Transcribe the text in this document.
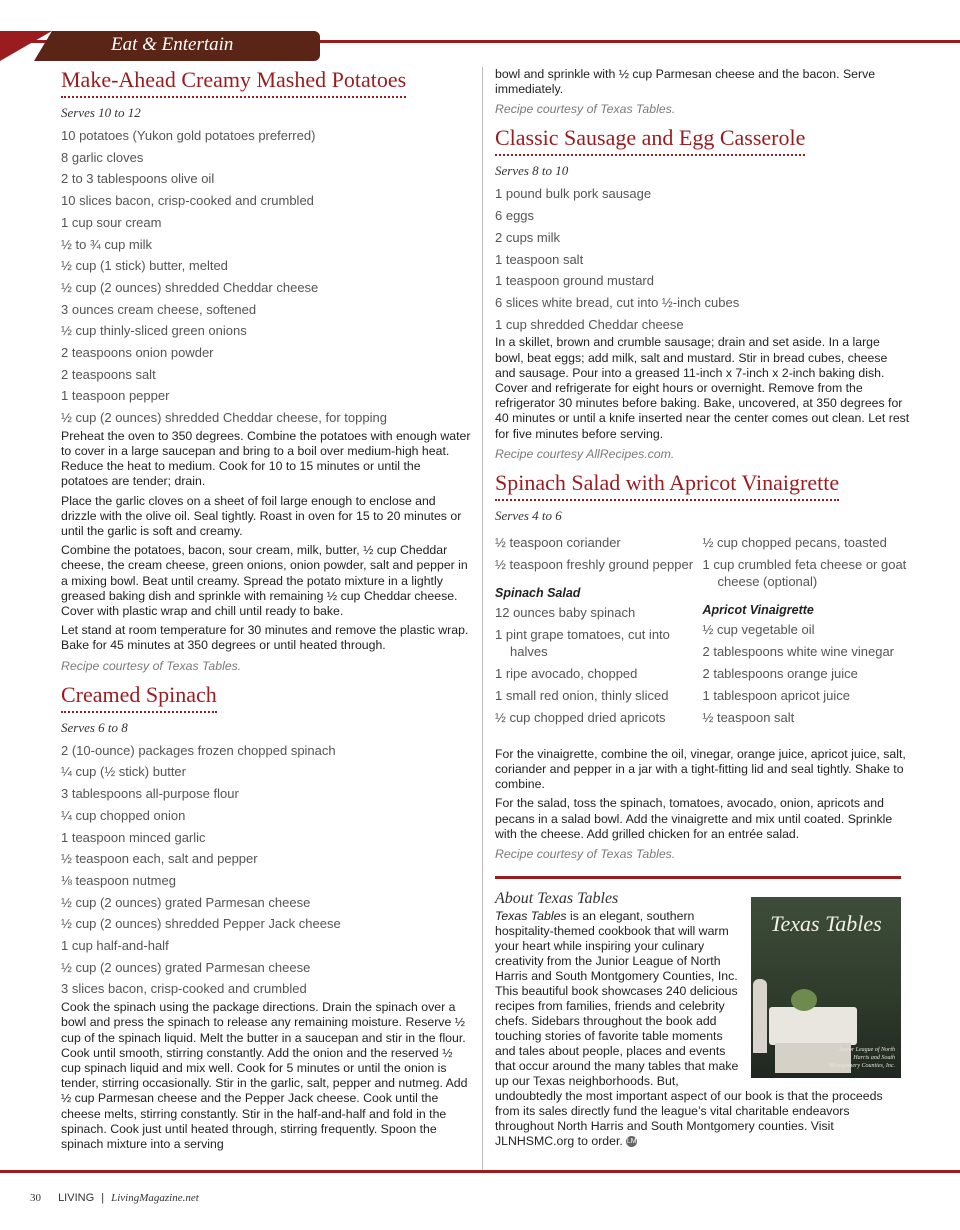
Eat & Entertain
Make-Ahead Creamy Mashed Potatoes
Serves 10 to 12
10 potatoes (Yukon gold potatoes preferred)
8 garlic cloves
2 to 3 tablespoons olive oil
10 slices bacon, crisp-cooked and crumbled
1 cup sour cream
½ to ¾ cup milk
½ cup (1 stick) butter, melted
½ cup (2 ounces) shredded Cheddar cheese
3 ounces cream cheese, softened
½ cup thinly-sliced green onions
2 teaspoons onion powder
2 teaspoons salt
1 teaspoon pepper
½ cup (2 ounces) shredded Cheddar cheese, for topping

Preheat the oven to 350 degrees. Combine the potatoes with enough water to cover in a large saucepan and bring to a boil over medium-high heat. Reduce the heat to medium. Cook for 10 to 15 minutes or until the potatoes are tender; drain.

Place the garlic cloves on a sheet of foil large enough to enclose and drizzle with the olive oil. Seal tightly. Roast in oven for 15 to 20 minutes or until the garlic is soft and creamy.

Combine the potatoes, bacon, sour cream, milk, butter, ½ cup Cheddar cheese, the cream cheese, green onions, onion powder, salt and pepper in a mixing bowl. Beat until creamy. Spread the potato mixture in a lightly greased baking dish and sprinkle with remaining ½ cup Cheddar cheese. Cover with plastic wrap and chill until ready to bake.

Let stand at room temperature for 30 minutes and remove the plastic wrap. Bake for 45 minutes at 350 degrees or until heated through.

Recipe courtesy of Texas Tables.

Creamed Spinach
Serves 6 to 8
2 (10-ounce) packages frozen chopped spinach
¼ cup (½ stick) butter
3 tablespoons all-purpose flour
¼ cup chopped onion
1 teaspoon minced garlic
½ teaspoon each, salt and pepper
⅛ teaspoon nutmeg
½ cup (2 ounces) grated Parmesan cheese
½ cup (2 ounces) shredded Pepper Jack cheese
1 cup half-and-half
½ cup (2 ounces) grated Parmesan cheese
3 slices bacon, crisp-cooked and crumbled

Cook the spinach using the package directions. Drain the spinach over a bowl and press the spinach to release any remaining moisture. Reserve ½ cup of the spinach liquid. Melt the butter in a saucepan and stir in the flour. Cook until smooth, stirring constantly. Add the onion and the reserved ½ cup spinach liquid and mix well. Cook for 5 minutes or until the onion is tender, stirring occasionally. Stir in the garlic, salt, pepper and nutmeg. Add ½ cup Parmesan cheese and the Pepper Jack cheese. Cook until the cheese melts, stirring constantly. Stir in the half-and-half and fold in the spinach. Cook just until heated through, stirring frequently. Spoon the spinach mixture into a serving

bowl and sprinkle with ½ cup Parmesan cheese and the bacon. Serve immediately.

Recipe courtesy of Texas Tables.

Classic Sausage and Egg Casserole
Serves 8 to 10
1 pound bulk pork sausage
6 eggs
2 cups milk
1 teaspoon salt
1 teaspoon ground mustard
6 slices white bread, cut into ½-inch cubes
1 cup shredded Cheddar cheese

In a skillet, brown and crumble sausage; drain and set aside. In a large bowl, beat eggs; add milk, salt and mustard. Stir in bread cubes, cheese and sausage. Pour into a greased 11-inch x 7-inch x 2-inch baking dish. Cover and refrigerate for eight hours or overnight. Remove from the refrigerator 30 minutes before baking. Bake, uncovered, at 350 degrees for 40 minutes or until a knife inserted near the center comes out clean. Let rest for five minutes before serving.

Recipe courtesy AllRecipes.com.

Spinach Salad with Apricot Vinaigrette
Serves 4 to 6
½ teaspoon coriander
½ teaspoon freshly ground pepper
Spinach Salad
12 ounces baby spinach
1 pint grape tomatoes, cut into halves
1 ripe avocado, chopped
1 small red onion, thinly sliced
½ cup chopped dried apricots
½ cup chopped pecans, toasted
1 cup crumbled feta cheese or goat cheese (optional)
Apricot Vinaigrette
½ cup vegetable oil
2 tablespoons white wine vinegar
2 tablespoons orange juice
1 tablespoon apricot juice
½ teaspoon salt

For the vinaigrette, combine the oil, vinegar, orange juice, apricot juice, salt, coriander and pepper in a jar with a tight-fitting lid and seal tightly. Shake to combine.

For the salad, toss the spinach, tomatoes, avocado, onion, apricots and pecans in a salad bowl. Add the vinaigrette and mix until coated. Sprinkle with the cheese. Add grilled chicken for an entrée salad.

Recipe courtesy of Texas Tables.

About Texas Tables
Texas Tables
Junior League of North Harris and South Montgomery Counties, Inc.

Texas Tables is an elegant, southern hospitality-themed cookbook that will warm your heart while inspiring your culinary creativity from the Junior League of North Harris and South Montgomery Counties, Inc. This beautiful book showcases 240 delicious recipes from families, friends and celebrity chefs. Sidebars throughout the book add touching stories of favorite table moments and tales about people, places and events that occur around the many tables that make up our Texas neighborhoods. But, undoubtedly the most important aspect of our book is that the proceeds from its sales directly fund the league’s vital charitable endeavors throughout North Harris and South Montgomery counties. Visit JLNHSMC.org to order. LM

30 LIVING | LivingMagazine.net
